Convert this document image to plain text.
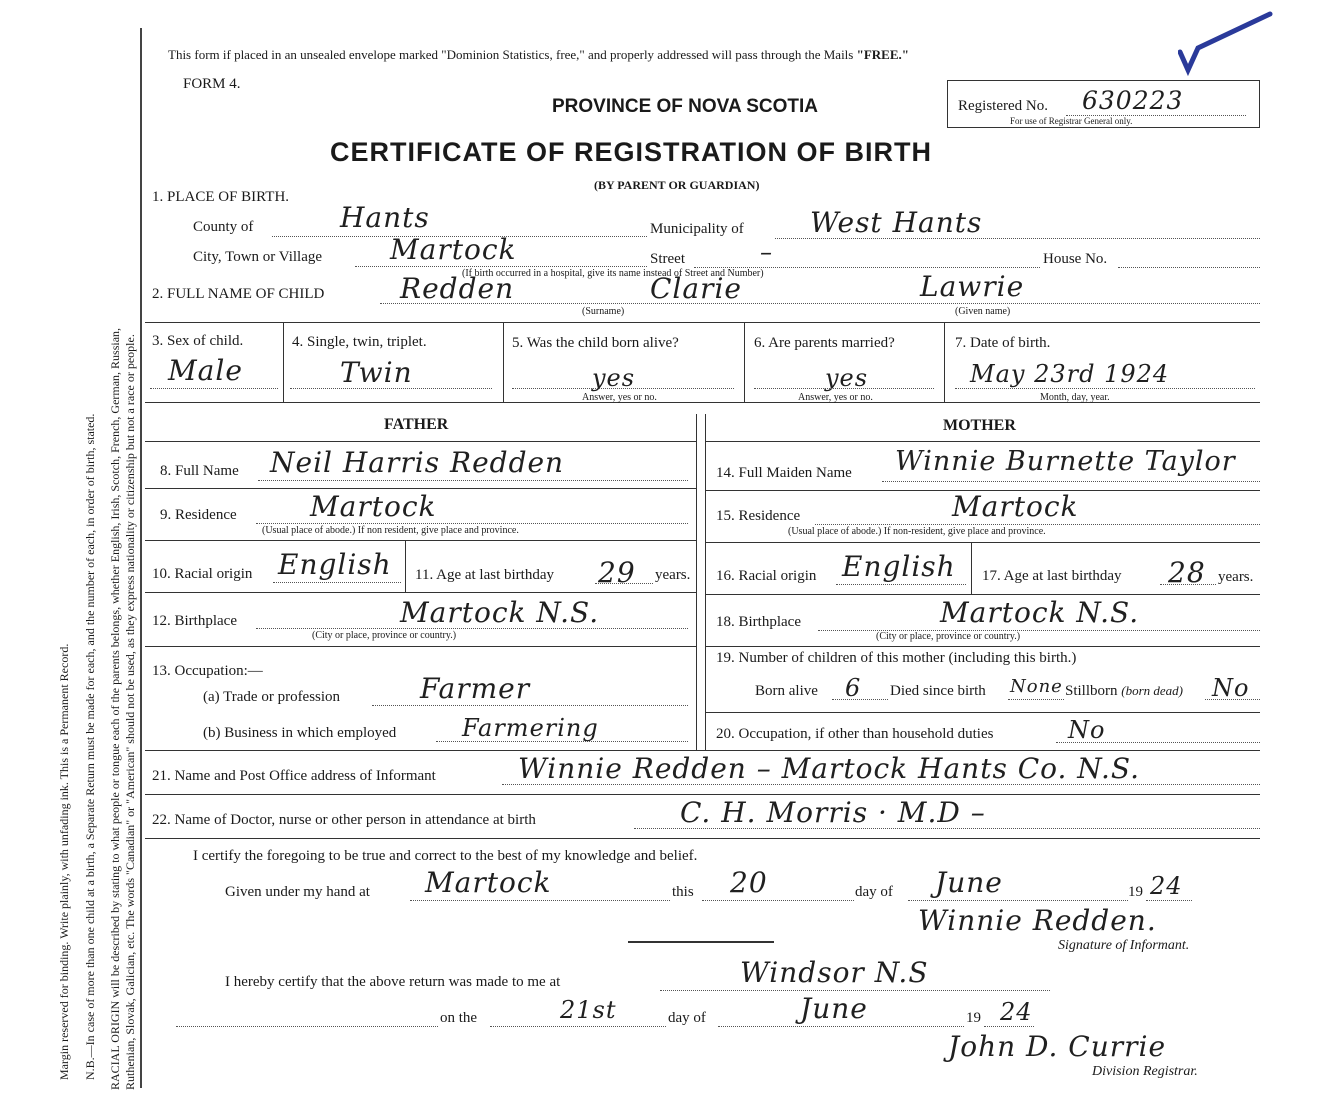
Margin reserved for binding. Write plainly, with unfading ink. This is a Permanent Record. N.B.—In case of more than one child at a birth, a Separate Return must be made for each, and the number of each, in order of birth, stated. RACIAL ORIGIN will be described by stating to what people or tongue each of the parents belongs, whether English, Irish, Scotch, French, German, Russian, Ruthenian, Slovak, Galician, etc. The words "Canadian" or "American" should not be used, as they express nationality or citizenship but not a race or people.
This form if placed in an unsealed envelope marked "Dominion Statistics, free," and properly addressed will pass through the Mails "FREE."
FORM 4.
PROVINCE OF NOVA SCOTIA
CERTIFICATE OF REGISTRATION OF BIRTH
(BY PARENT OR GUARDIAN)
Registered No. 630223
For use of Registrar General only.
1. PLACE OF BIRTH.
County of	Hants	Municipality of West Hants
City, Town or Village Martock	Street	–	House No.
(If birth occurred in a hospital, give its name instead of Street and Number)
2. FULL NAME OF CHILD	Redden	Clarie	Lawrie
(Surname)	(Given name)
3. Sex of child.
Male
4. Single, twin, triplet.
Twin
5. Was the child born alive?
yes
Answer, yes or no.
6. Are parents married?
yes
Answer, yes or no.
7. Date of birth.
May 23rd 1924
Month, day, year.
FATHER	MOTHER
8. Full Name Neil Harris Redden
9. Residence	Martock
(Usual place of abode.) If non resident, give place and province.
10. Racial origin English 11. Age at last birthday 29 years.
12. Birthplace	Martock N.S.
(City or place, province or country.)
13. Occupation:—
(a) Trade or profession	Farmer
(b) Business in which employed	Farmering
14. Full Maiden Name Winnie Burnette Taylor
15. Residence	Martock
(Usual place of abode.) If non-resident, give place and province.
16. Racial origin English 17. Age at last birthday 28 years.
18. Birthplace	Martock N.S.
(City or place, province or country.)
19. Number of children of this mother (including this birth.)
Born alive 6 Died since birth None Stillborn (born dead) No
20. Occupation, if other than household duties	No
21. Name and Post Office address of Informant	Winnie Redden – Martock Hants Co. N.S.
22. Name of Doctor, nurse or other person in attendance at birth	C. H. Morris · M.D –
I certify the foregoing to be true and correct to the best of my knowledge and belief.
Given under my hand at Martock	this 20	day of June	19 24
Winnie Redden.
Signature of Informant.
I hereby certify that the above return was made to me at	Windsor N.S
on the	21st	day of	June	19 24
John D. Currie
Division Registrar.
